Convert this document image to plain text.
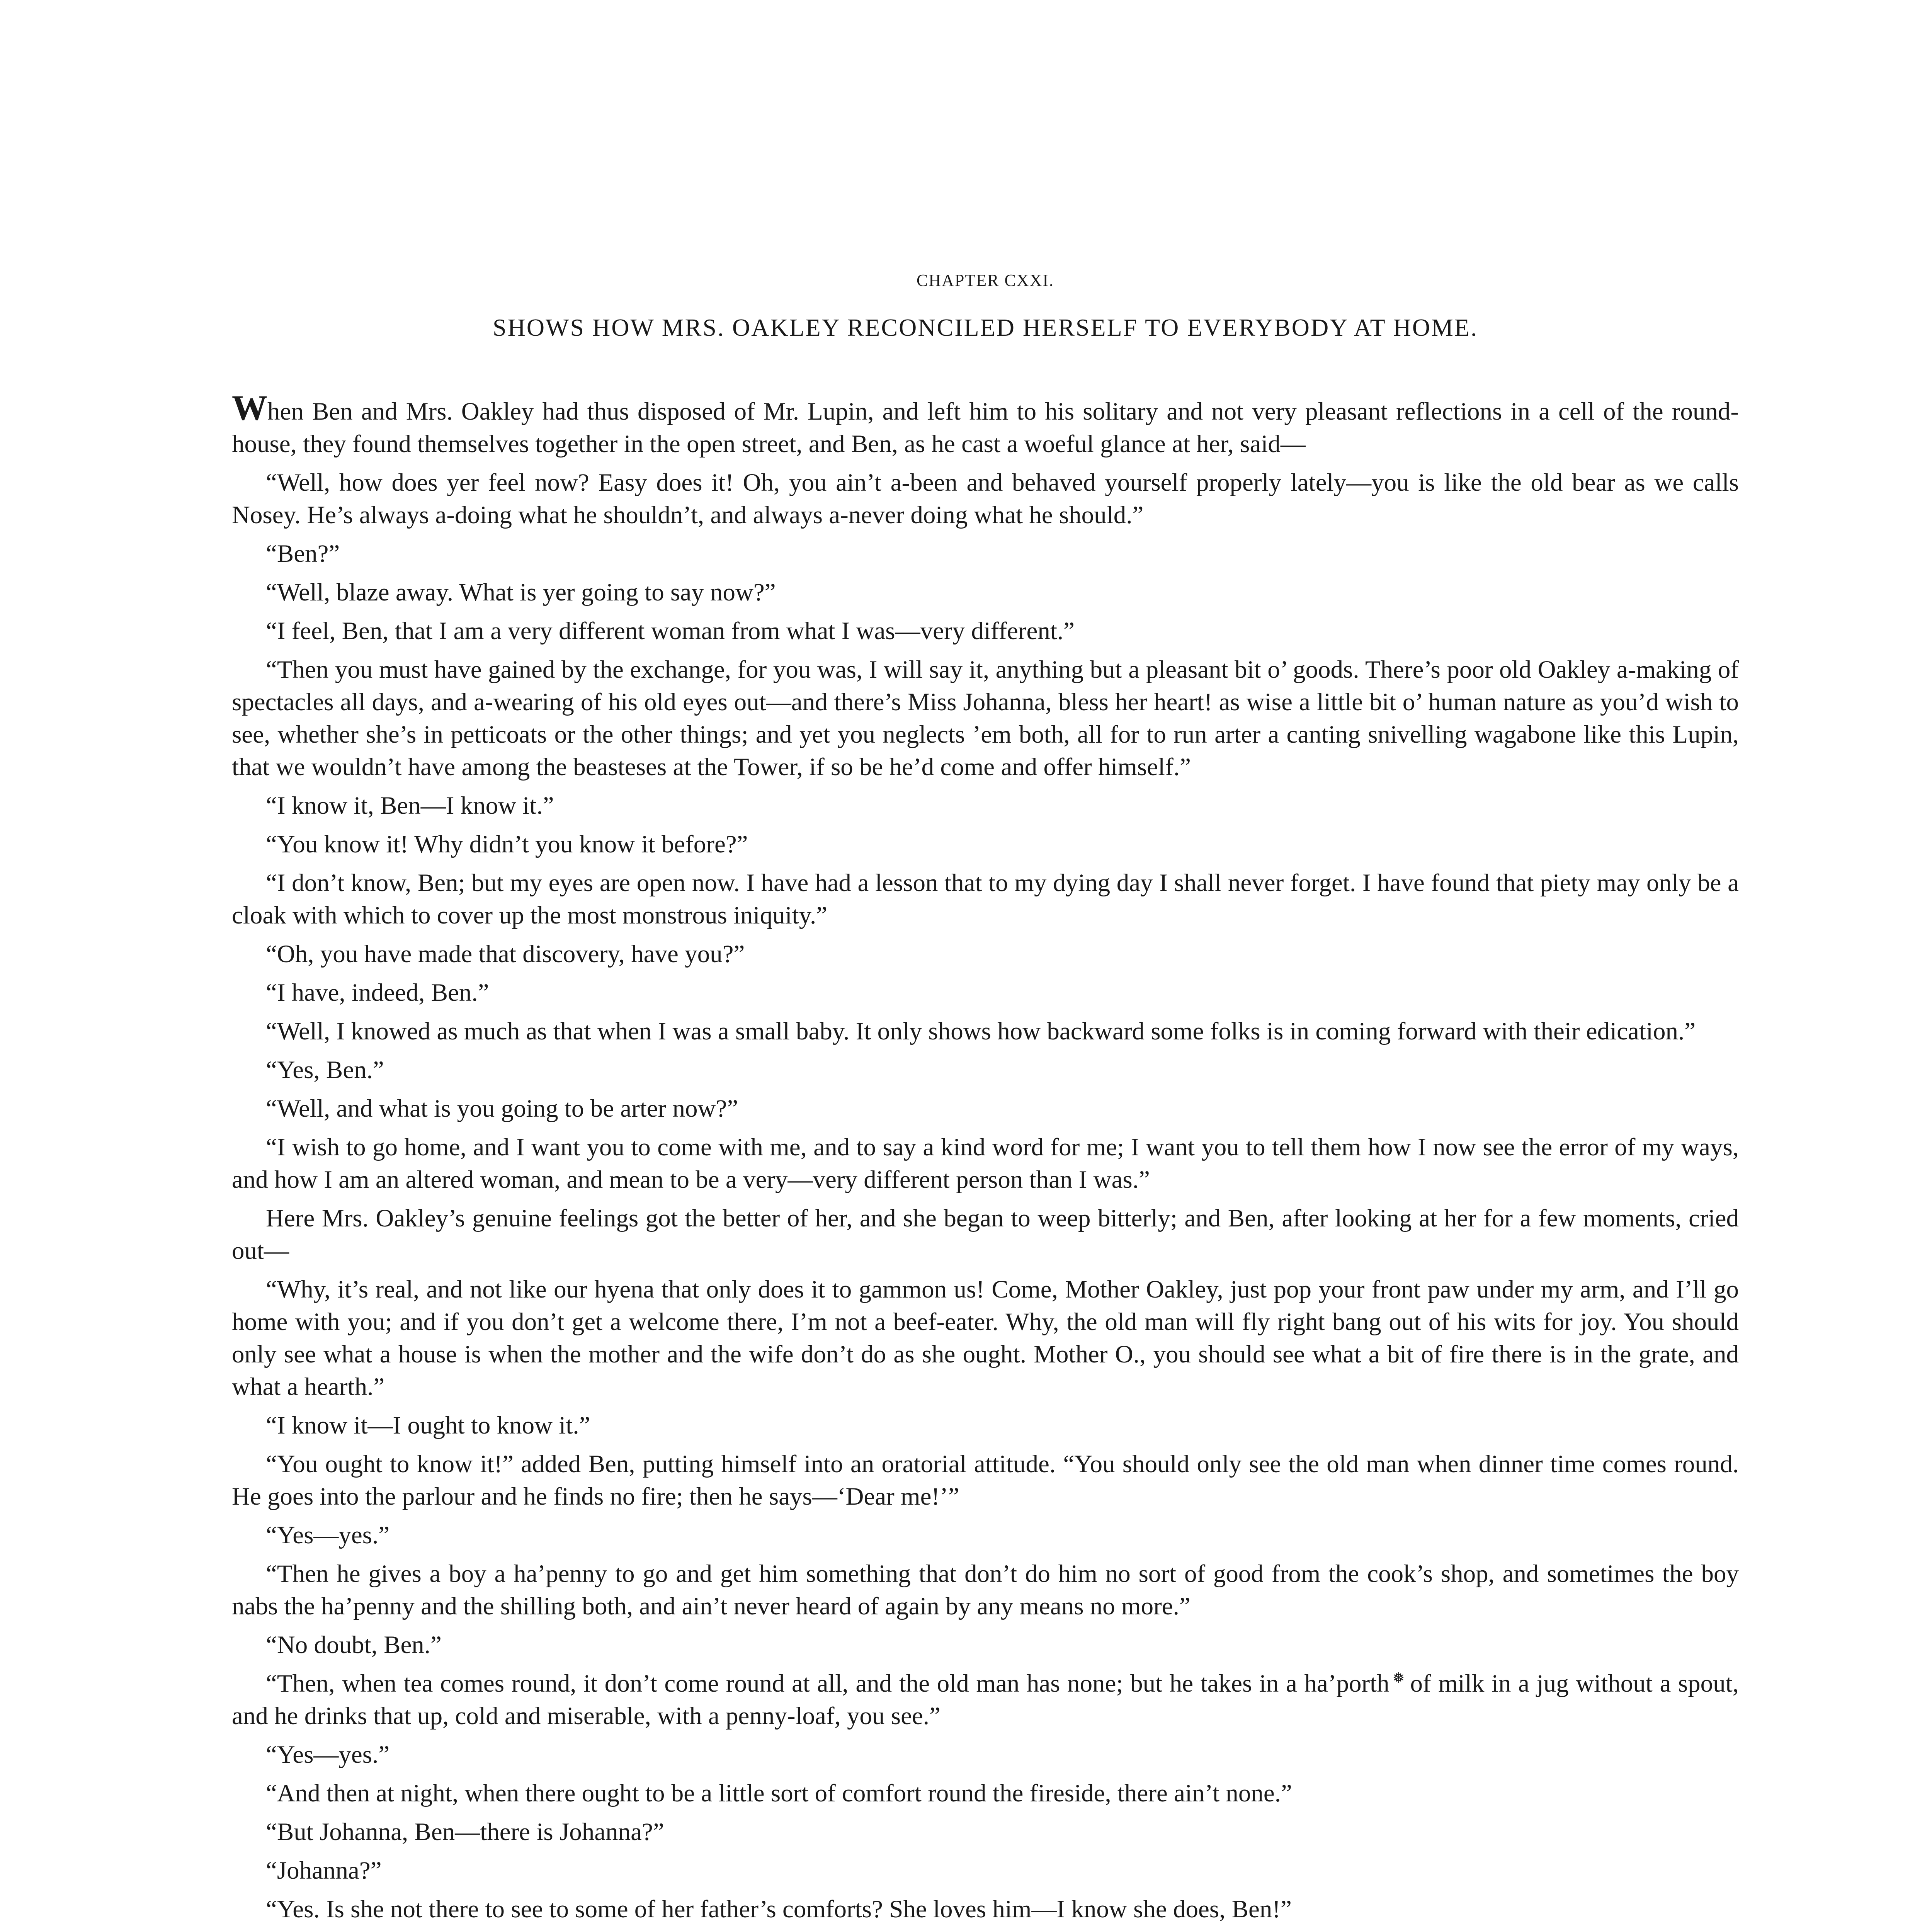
CHAPTER CXXI.
SHOWS HOW MRS. OAKLEY RECONCILED HERSELF TO EVERYBODY AT HOME.

When Ben and Mrs. Oakley had thus disposed of Mr. Lupin, and left him to his solitary and not very pleasant reflections in a cell of the round-house, they found themselves together in the open street, and Ben, as he cast a woeful glance at her, said—

“Well, how does yer feel now? Easy does it! Oh, you ain’t a-been and behaved yourself properly lately—you is like the old bear as we calls Nosey. He’s always a-doing what he shouldn’t, and always a-never doing what he should.”

“Ben?”

“Well, blaze away. What is yer going to say now?”

“I feel, Ben, that I am a very different woman from what I was—very different.”

“Then you must have gained by the exchange, for you was, I will say it, anything but a pleasant bit o’ goods. There’s poor old Oakley a-making of spectacles all days, and a-wearing of his old eyes out—and there’s Miss Johanna, bless her heart! as wise a little bit o’ human nature as you’d wish to see, whether she’s in petticoats or the other things; and yet you neglects ’em both, all for to run arter a canting snivelling wagabone like this Lupin, that we wouldn’t have among the beasteses at the Tower, if so be he’d come and offer himself.”

“I know it, Ben—I know it.”

“You know it! Why didn’t you know it before?”

“I don’t know, Ben; but my eyes are open now. I have had a lesson that to my dying day I shall never forget. I have found that piety may only be a cloak with which to cover up the most monstrous iniquity.”

“Oh, you have made that discovery, have you?”

“I have, indeed, Ben.”

“Well, I knowed as much as that when I was a small baby. It only shows how backward some folks is in coming forward with their edication.”

“Yes, Ben.”

“Well, and what is you going to be arter now?”

“I wish to go home, and I want you to come with me, and to say a kind word for me; I want you to tell them how I now see the error of my ways, and how I am an altered woman, and mean to be a very—very different person than I was.”

Here Mrs. Oakley’s genuine feelings got the better of her, and she began to weep bitterly; and Ben, after looking at her for a few moments, cried out—

“Why, it’s real, and not like our hyena that only does it to gammon us! Come, Mother Oakley, just pop your front paw under my arm, and I’ll go home with you; and if you don’t get a welcome there, I’m not a beef-eater. Why, the old man will fly right bang out of his wits for joy. You should only see what a house is when the mother and the wife don’t do as she ought. Mother O., you should see what a bit of fire there is in the grate, and what a hearth.”

“I know it—I ought to know it.”

“You ought to know it!” added Ben, putting himself into an oratorial attitude. “You should only see the old man when dinner time comes round. He goes into the parlour and he finds no fire; then he says—‘Dear me!’”

“Yes—yes.”

“Then he gives a boy a ha’penny to go and get him something that don’t do him no sort of good from the cook’s shop, and sometimes the boy nabs the ha’penny and the shilling both, and ain’t never heard of again by any means no more.”

“No doubt, Ben.”

“Then, when tea comes round, it don’t come round at all, and the old man has none; but he takes in a ha’porth ❅ of milk in a jug without a spout, and he drinks that up, cold and miserable, with a penny-loaf, you see.”

“Yes—yes.”

“And then at night, when there ought to be a little sort of comfort round the fireside, there ain’t none.”

“But Johanna, Ben—there is Johanna?”

“Johanna?”

“Yes. Is she not there to see to some of her father’s comforts? She loves him—I know she does, Ben!”
